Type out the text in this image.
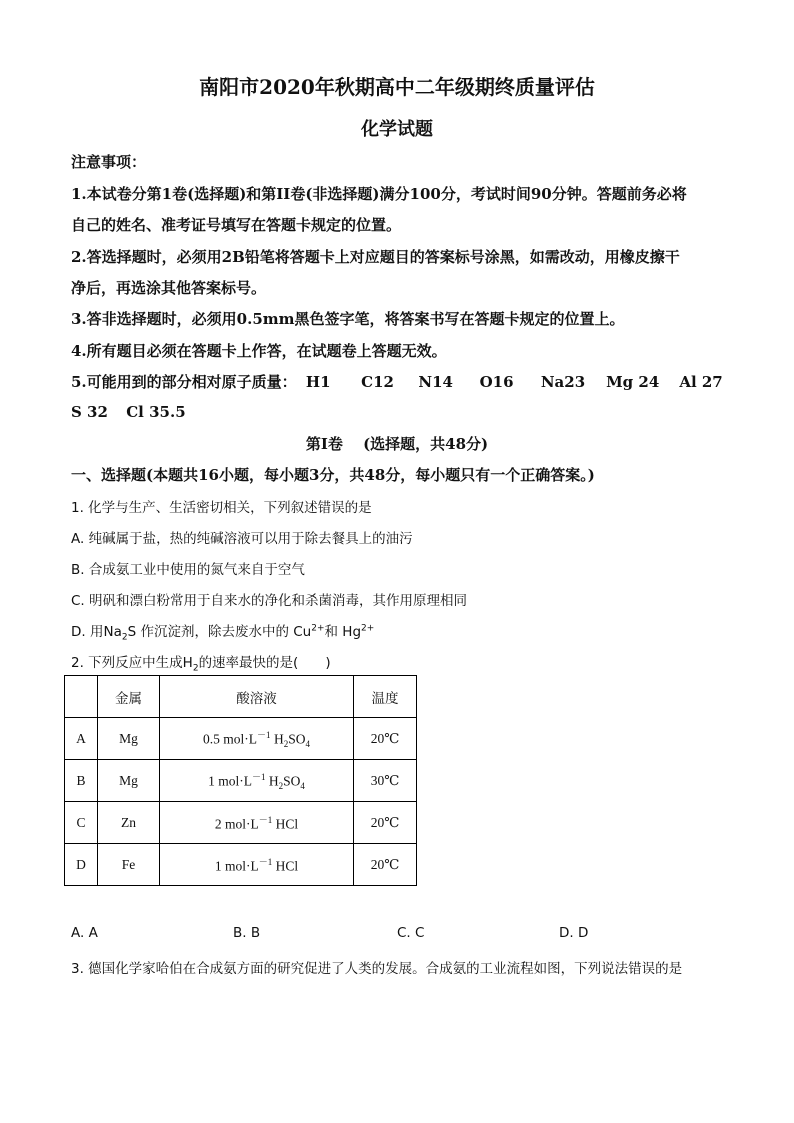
南阳市2020年秋期高中二年级期终质量评估
化学试题
注意事项：
1.本试卷分第1卷(选择题)和第II卷(非选择题)满分100分，考试时间90分钟。答题前务必将
自己的姓名、准考证号填写在答题卡规定的位置。
2.答选择题时，必须用2B铅笔将答题卡上对应题目的答案标号涂黑，如需改动，用橡皮擦干
净后，再选涂其他答案标号。
3.答非选择题时，必须用0.5mm黑色签字笔，将答案书写在答题卡规定的位置上。
4.所有题目必须在答题卡上作答，在试题卷上答题无效。
5.可能用到的部分相对原子质量： H1 C12 N14 O16 Na23 Mg 24 Al 27
S 32 Cl 35.5
第I卷　 (选择题，共48分)
一、选择题(本题共16小题，每小题3分，共48分，每小题只有一个正确答案。)
1. 化学与生产、生活密切相关，下列叙述错误的是
A. 纯碱属于盐，热的纯碱溶液可以用于除去餐具上的油污
B. 合成氨工业中使用的氮气来自于空气
C. 明矾和漂白粉常用于自来水的净化和杀菌消毒，其作用原理相同
D. 用$Na_2S$ 作沉淀剂，除去废水中的 $Cu^{2+}$和 $Hg^{2+}$
2. 下列反应中生成$H_2$的速率最快的是(　　)
	金属	酸溶液	温度
A	Mg	0.5 $mol\cdot L^{-1}$ $H_2SO_4$	20℃
B	Mg	1 $mol\cdot L^{-1}$ $H_2SO_4$	30℃
C	Zn	2 $mol\cdot L^{-1}$ HCl	20℃
D	Fe	1 $mol\cdot L^{-1}$ HCl	20℃
A. A	B. B	C. C	D. D
3. 德国化学家哈伯在合成氨方面的研究促进了人类的发展。合成氨的工业流程如图，下列说法错误的是
